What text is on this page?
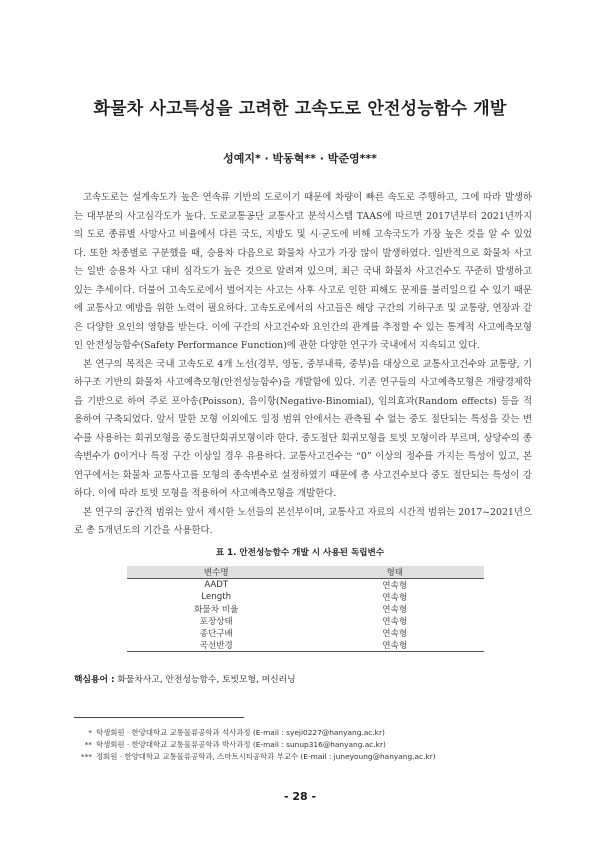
화물차 사고특성을 고려한 고속도로 안전성능함수 개발
성예지* · 박동혁** · 박준영***

고속도로는 설계속도가 높은 연속류 기반의 도로이기 때문에 차량이 빠른 속도로 주행하고, 그에 따라 발생하는 대부분의 사고심각도가 높다. 도로교통공단 교통사고 분석시스템 TAAS에 따르면 2017년부터 2021년까지의 도로 종류별 사망사고 비율에서 다른 국도, 지방도 및 시·군도에 비해 고속국도가 가장 높은 것을 알 수 있었다. 또한 차종별로 구분했을 때, 승용차 다음으로 화물차 사고가 가장 많이 발생하였다. 일반적으로 화물차 사고는 일반 승용차 사고 대비 심각도가 높은 것으로 알려져 있으며, 최근 국내 화물차 사고건수도 꾸준히 발생하고 있는 추세이다. 더불어 고속도로에서 벌어지는 사고는 사후 사고로 인한 피해도 문제를 불러일으킬 수 있기 때문에 교통사고 예방을 위한 노력이 필요하다. 고속도로에서의 사고들은 해당 구간의 기하구조 및 교통량, 연장과 같은 다양한 요인의 영향을 받는다. 이에 구간의 사고건수와 요인간의 관계를 추정할 수 있는 통계적 사고예측모형인 안전성능함수(Safety Performance Function)에 관한 다양한 연구가 국내에서 지속되고 있다.

본 연구의 목적은 국내 고속도로 4개 노선(경부, 영동, 중부내륙, 중부)을 대상으로 교통사고건수와 교통량, 기하구조 기반의 화물차 사고예측모형(안전성능함수)을 개발함에 있다. 기존 연구들의 사고예측모형은 개량경제학을 기반으로 하여 주로 포아송(Poisson), 음이항(Negative-Binomial), 임의효과(Random effects) 등을 적용하여 구축되었다. 앞서 말한 모형 이외에도 일정 범위 안에서는 관측될 수 없는 중도 절단되는 특성을 갖는 변수를 사용하는 회귀모형을 중도절단회귀모형이라 한다. 중도절단 회귀모형을 토빗 모형이라 부르며, 상당수의 종속변수가 0이거나 특정 구간 이상일 경우 유용하다. 교통사고건수는 “0” 이상의 정수를 가지는 특성이 있고, 본 연구에서는 화물차 교통사고를 모형의 종속변수로 설정하였기 때문에 총 사고건수보다 중도 절단되는 특성이 강하다. 이에 따라 토빗 모형을 적용하여 사고예측모형을 개발한다.

본 연구의 공간적 범위는 앞서 제시한 노선들의 본선부이며, 교통사고 자료의 시간적 범위는 2017~2021년으로 총 5개년도의 기간을 사용한다.

표 1. 안전성능함수 개발 시 사용된 독립변수
변수명	형태
AADT	연속형
Length	연속형
화물차 비율	연속형
포장상태	연속형
종단구배	연속형
곡선반경	연속형
핵심용어 : 화물차사고, 안전성능함수, 토빗모형, 머신러닝
* 학생회원 · 한양대학교 교통물류공학과 석사과정 (E-mail : syeji0227@hanyang.ac.kr)
** 학생회원 · 한양대학교 교통물류공학과 박사과정 (E-mail : sunup316@hanyang.ac.kr)
*** 정회원 · 한양대학교 교통물류공학과, 스마트시티공학과 부교수 (E-mail : juneyoung@hanyang.ac.kr)
- 28 -
